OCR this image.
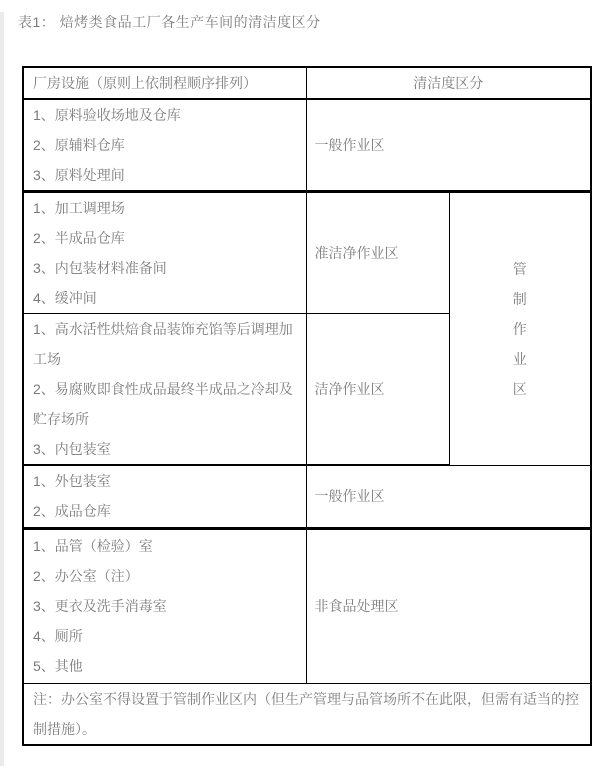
表1： 焙烤类食品工厂各生产车间的清洁度区分
厂房设施（原则上依制程顺序排列）	清洁度区分	

1、原料验收场地及仓库
2、原辅料仓库
3、原料处理间	一般作业区	

1、加工调理场
2、半成品仓库
3、内包装材料准备间
4、缓冲间	准洁净作业区	管制作业区

1、高水活性烘焙食品装饰充馅等后调理加工场
2、易腐败即食性成品最终半成品之冷却及贮存场所
3、内包装室	洁净作业区	

1、外包装室
2、成品仓库	一般作业区	

1、品管（检验）室
2、办公室（注）
3、更衣及洗手消毒室
4、厕所
5、其他	非食品处理区	
注：办公室不得设置于管制作业区内（但生产管理与品管场所不在此限，但需有适当的控制措施）。		
